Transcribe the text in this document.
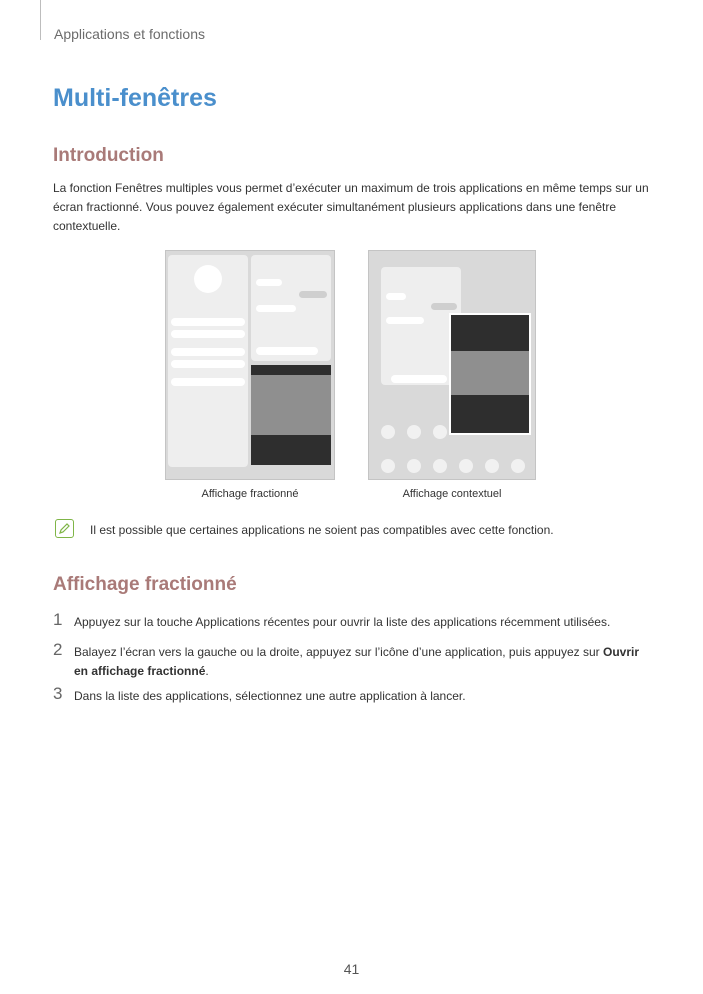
Applications et fonctions
Multi-fenêtres
Introduction
La fonction Fenêtres multiples vous permet d’exécuter un maximum de trois applications en même temps sur un écran fractionné. Vous pouvez également exécuter simultanément plusieurs applications dans une fenêtre contextuelle.
Affichage fractionné	Affichage contextuel
Il est possible que certaines applications ne soient pas compatibles avec cette fonction.
Affichage fractionné
1 Appuyez sur la touche Applications récentes pour ouvrir la liste des applications récemment utilisées.
2 Balayez l’écran vers la gauche ou la droite, appuyez sur l’icône d’une application, puis appuyez sur Ouvrir en affichage fractionné.
3 Dans la liste des applications, sélectionnez une autre application à lancer.
41
